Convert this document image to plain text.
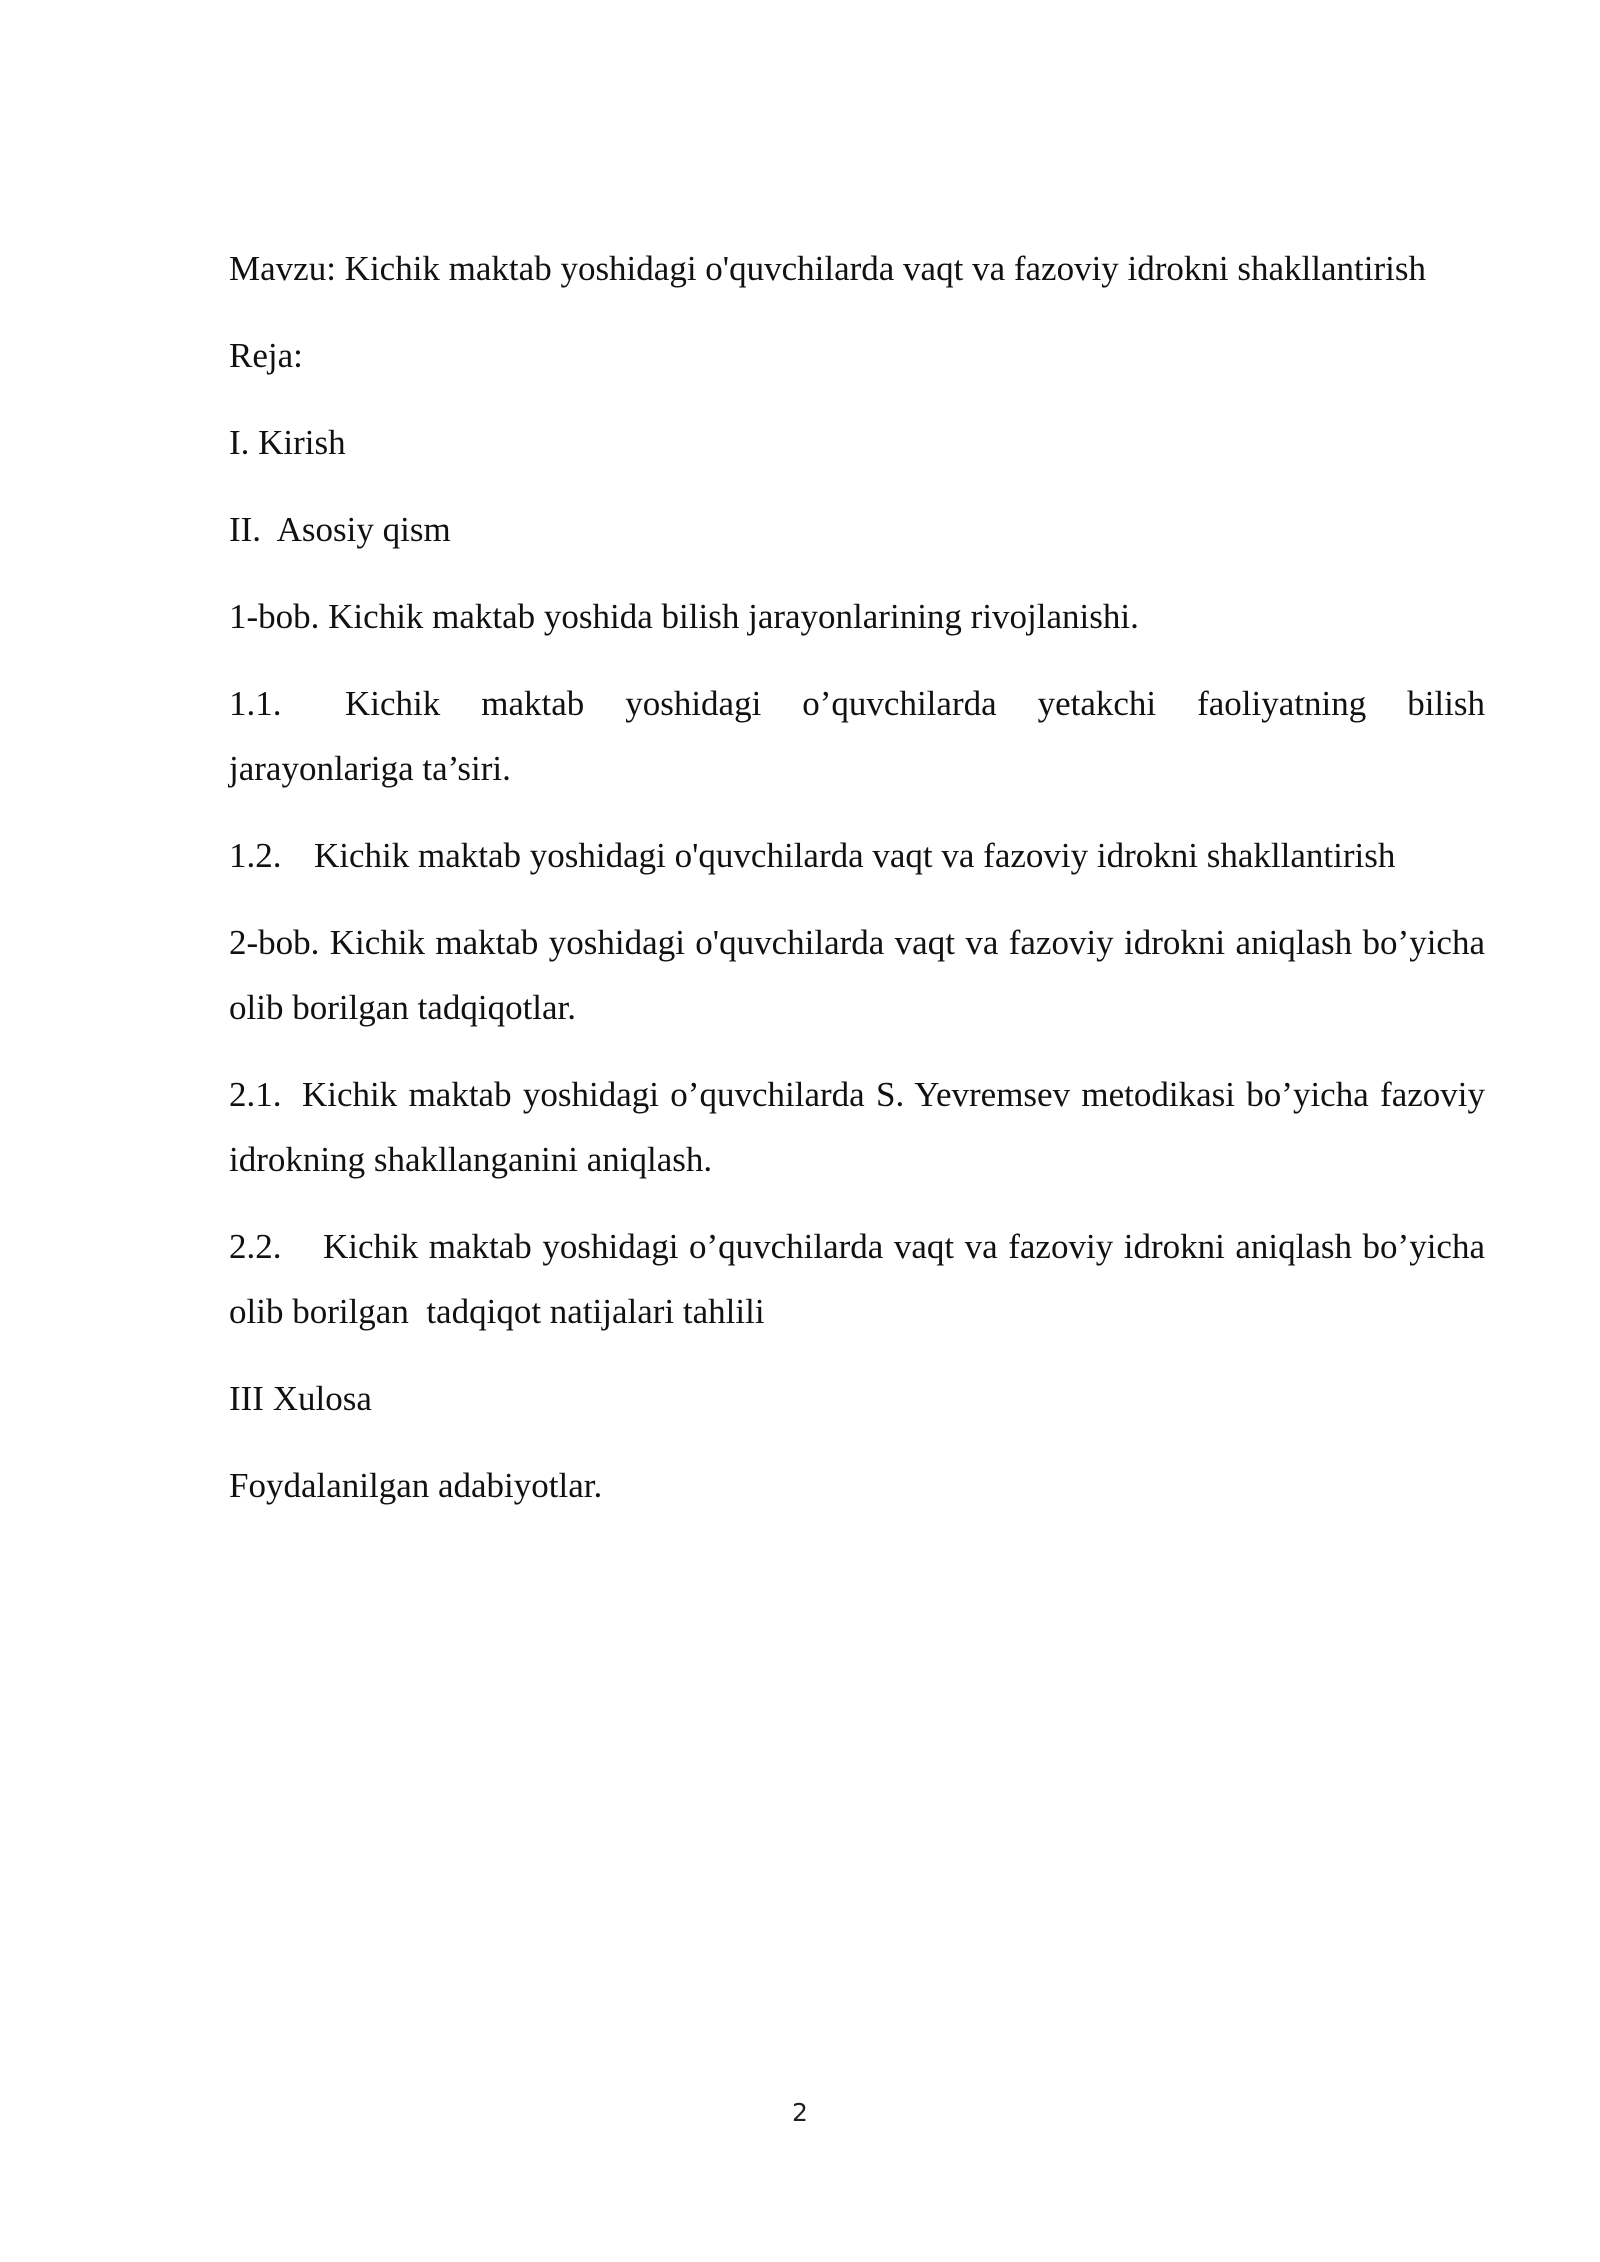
Mavzu: Kichik maktab yoshidagi o'quvchilarda vaqt va fazoviy idrokni shakllantirish

Reja:

I. Kirish

II.  Asosiy qism

1-bob. Kichik maktab yoshida bilish jarayonlarining rivojlanishi.

1.1. Kichik maktab yoshidagi o’quvchilarda yetakchi faoliyatning bilish jarayonlariga ta’siri.

1.2. Kichik maktab yoshidagi o'quvchilarda vaqt va fazoviy idrokni shakllantirish

2-bob. Kichik maktab yoshidagi o'quvchilarda vaqt va fazoviy idrokni aniqlash bo’yicha olib borilgan tadqiqotlar.

2.1. Kichik maktab yoshidagi o’quvchilarda S. Yevremsev metodikasi bo’yicha fazoviy idrokning shakllanganini aniqlash.

2.2. Kichik maktab yoshidagi o’quvchilarda vaqt va fazoviy idrokni aniqlash bo’yicha olib borilgan  tadqiqot natijalari tahlili

III Xulosa

Foydalanilgan adabiyotlar.

2
